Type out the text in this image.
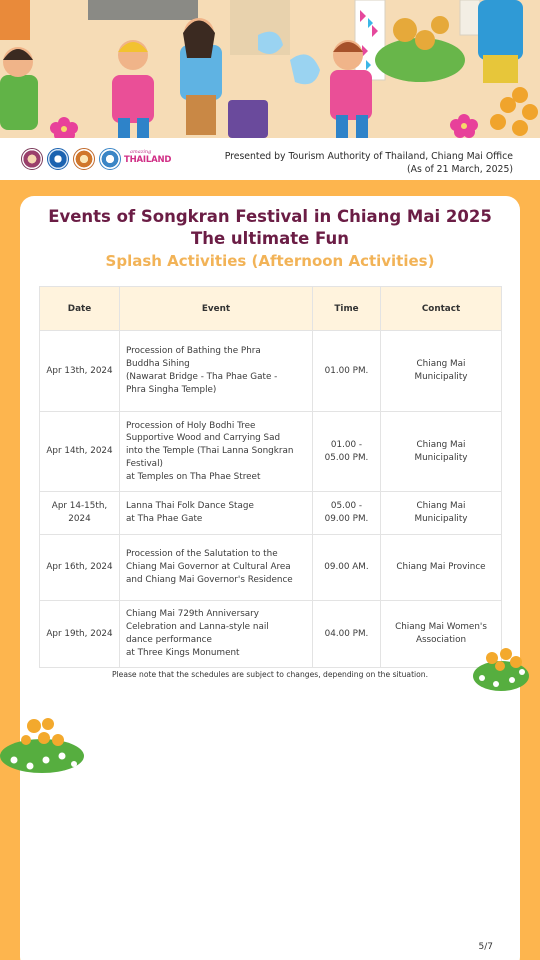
amazing
THAILAND	Presented by Tourism Authority of Thailand, Chiang Mai Office
(As of 21 March, 2025)
Events of Songkran Festival in Chiang Mai 2025
The ultimate Fun
Splash Activities (Afternoon Activities)
Date	Event	Time	Contact
Apr 13th, 2024	Procession of Bathing the Phra
Buddha Sihing
(Nawarat Bridge - Tha Phae Gate -
Phra Singha Temple)	01.00 PM.	Chiang Mai
Municipality
Apr 14th, 2024	Procession of Holy Bodhi Tree
Supportive Wood and Carrying Sad
into the Temple (Thai Lanna Songkran
Festival)
at Temples on Tha Phae Street	01.00 -
05.00 PM.	Chiang Mai
Municipality
Apr 14-15th,
2024	Lanna Thai Folk Dance Stage
at Tha Phae Gate	05.00 -
09.00 PM.	Chiang Mai
Municipality
Apr 16th, 2024	Procession of the Salutation to the
Chiang Mai Governor at Cultural Area
and Chiang Mai Governor's Residence	09.00 AM.	Chiang Mai Province
Apr 19th, 2024	Chiang Mai 729th Anniversary
Celebration and Lanna-style nail
dance performance
at Three Kings Monument	04.00 PM.	Chiang Mai Women's
Association
Please note that the schedules are subject to changes, depending on the situation.
5/7
